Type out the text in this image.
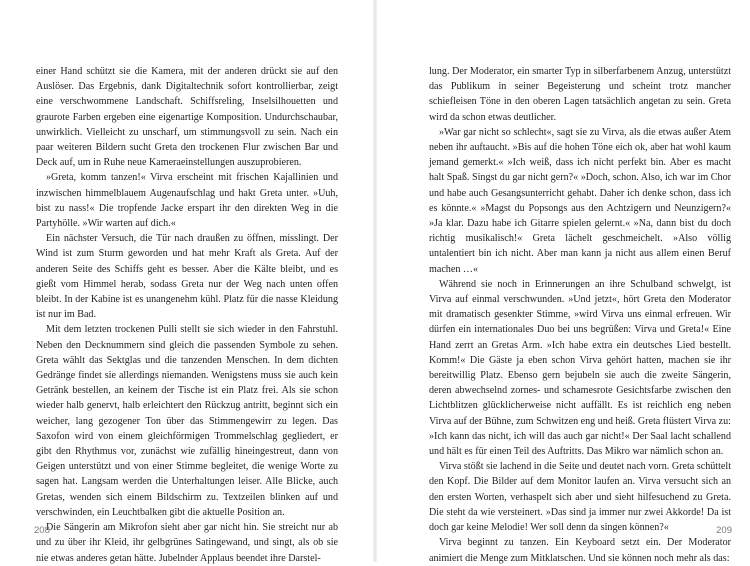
einer Hand schützt sie die Kamera, mit der anderen drückt sie auf den Auslöser. Das Ergebnis, dank Digitaltechnik sofort kontrollierbar, zeigt eine verschwommene Landschaft. Schiffsreling, Inselsilhouetten und graurote Farben ergeben eine eigenartige Komposition. Undurchschaubar, unwirklich. Vielleicht zu unscharf, um stimmungsvoll zu sein. Nach ein paar weiteren Bildern sucht Greta den trockenen Flur zwischen Bar und Deck auf, um in Ruhe neue Kameraeinstellungen auszuprobieren.

»Greta, komm tanzen!« Virva erscheint mit frischen Kajallinien und inzwischen himmelblauem Augenaufschlag und hakt Greta unter. »Uuh, bist zu nass!« Die tropfende Jacke erspart ihr den direkten Weg in die Partyhölle. »Wir warten auf dich.«

Ein nächster Versuch, die Tür nach draußen zu öffnen, misslingt. Der Wind ist zum Sturm geworden und hat mehr Kraft als Greta. Auf der anderen Seite des Schiffs geht es besser. Aber die Kälte bleibt, und es gießt vom Himmel herab, sodass Greta nur der Weg nach unten offen bleibt. In der Kabine ist es unangenehm kühl. Platz für die nasse Kleidung ist nur im Bad.

Mit dem letzten trockenen Pulli stellt sie sich wieder in den Fahrstuhl. Neben den Decknummern sind gleich die passenden Symbole zu sehen. Greta wählt das Sektglas und die tanzenden Menschen. In dem dichten Gedränge findet sie allerdings niemanden. Wenigstens muss sie auch kein Getränk bestellen, an keinem der Tische ist ein Platz frei. Als sie schon wieder halb genervt, halb erleichtert den Rückzug antritt, beginnt sich ein weicher, lang gezogener Ton über das Stimmengewirr zu legen. Das Saxofon wird von einem gleichförmigen Trommelschlag gegliedert, er gibt den Rhythmus vor, zunächst wie zufällig hineingestreut, dann von Geigen unterstützt und von einer Stimme begleitet, die wenige Worte zu sagen hat. Langsam werden die Unterhaltungen leiser. Alle Blicke, auch Gretas, wenden sich einem Bildschirm zu. Textzeilen blinken auf und verschwinden, ein Leuchtbalken gibt die aktuelle Position an.

Die Sängerin am Mikrofon sieht aber gar nicht hin. Sie streicht nur ab und zu über ihr Kleid, ihr gelbgrünes Satingewand, und singt, als ob sie nie etwas anderes getan hätte. Jubelnder Applaus beendet ihre Darstel-

208

lung. Der Moderator, ein smarter Typ in silberfarbenem Anzug, unterstützt das Publikum in seiner Begeisterung und scheint trotz mancher schiefleisen Töne in den oberen Lagen tatsächlich angetan zu sein. Greta wird da schon etwas deutlicher.

»War gar nicht so schlecht«, sagt sie zu Virva, als die etwas außer Atem neben ihr auftaucht. »Bis auf die hohen Töne eich ok, aber hat wohl kaum jemand gemerkt.« »Ich weiß, dass ich nicht perfekt bin. Aber es macht halt Spaß. Singst du gar nicht gern?« »Doch, schon. Also, ich war im Chor und habe auch Gesangsunterricht gehabt. Daher ich denke schon, dass ich es könnte.« »Magst du Popsongs aus den Achtzigern und Neunzigern?« »Ja klar. Dazu habe ich Gitarre spielen gelernt.« »Na, dann bist du doch richtig musikalisch!« Greta lächelt geschmeichelt. »Also völlig untalentiert bin ich nicht. Aber man kann ja nicht aus allem einen Beruf machen …«

Während sie noch in Erinnerungen an ihre Schulband schwelgt, ist Virva auf einmal verschwunden. »Und jetzt«, hört Greta den Moderator mit dramatisch gesenkter Stimme, »wird Virva uns einmal erfreuen. Wir dürfen ein internationales Duo bei uns begrüßen: Virva und Greta!« Eine Hand zerrt an Gretas Arm. »Ich habe extra ein deutsches Lied bestellt. Komm!« Die Gäste ja eben schon Virva gehört hatten, machen sie ihr bereitwillig Platz. Ebenso gern bejubeln sie auch die zweite Sängerin, deren abwechselnd zornes- und schamesrote Gesichtsfarbe zwischen den Lichtblitzen glücklicherweise nicht auffällt. Es ist reichlich eng neben Virva auf der Bühne, zum Schwitzen eng und heiß. Greta flüstert Virva zu: »Ich kann das nicht, ich will das auch gar nicht!« Der Saal lacht schallend und hält es für einen Teil des Auftritts. Das Mikro war nämlich schon an.

Virva stößt sie lachend in die Seite und deutet nach vorn. Greta schüttelt den Kopf. Die Bilder auf dem Monitor laufen an. Virva versucht sich an den ersten Worten, verhaspelt sich aber und sieht hilfesuchend zu Greta. Die steht da wie versteinert. »Das sind ja immer nur zwei Akkorde! Da ist doch gar keine Melodie! Wer soll denn da singen können?«

Virva beginnt zu tanzen. Ein Keyboard setzt ein. Der Moderator animiert die Menge zum Mitklatschen. Und sie können noch mehr als das:

209
